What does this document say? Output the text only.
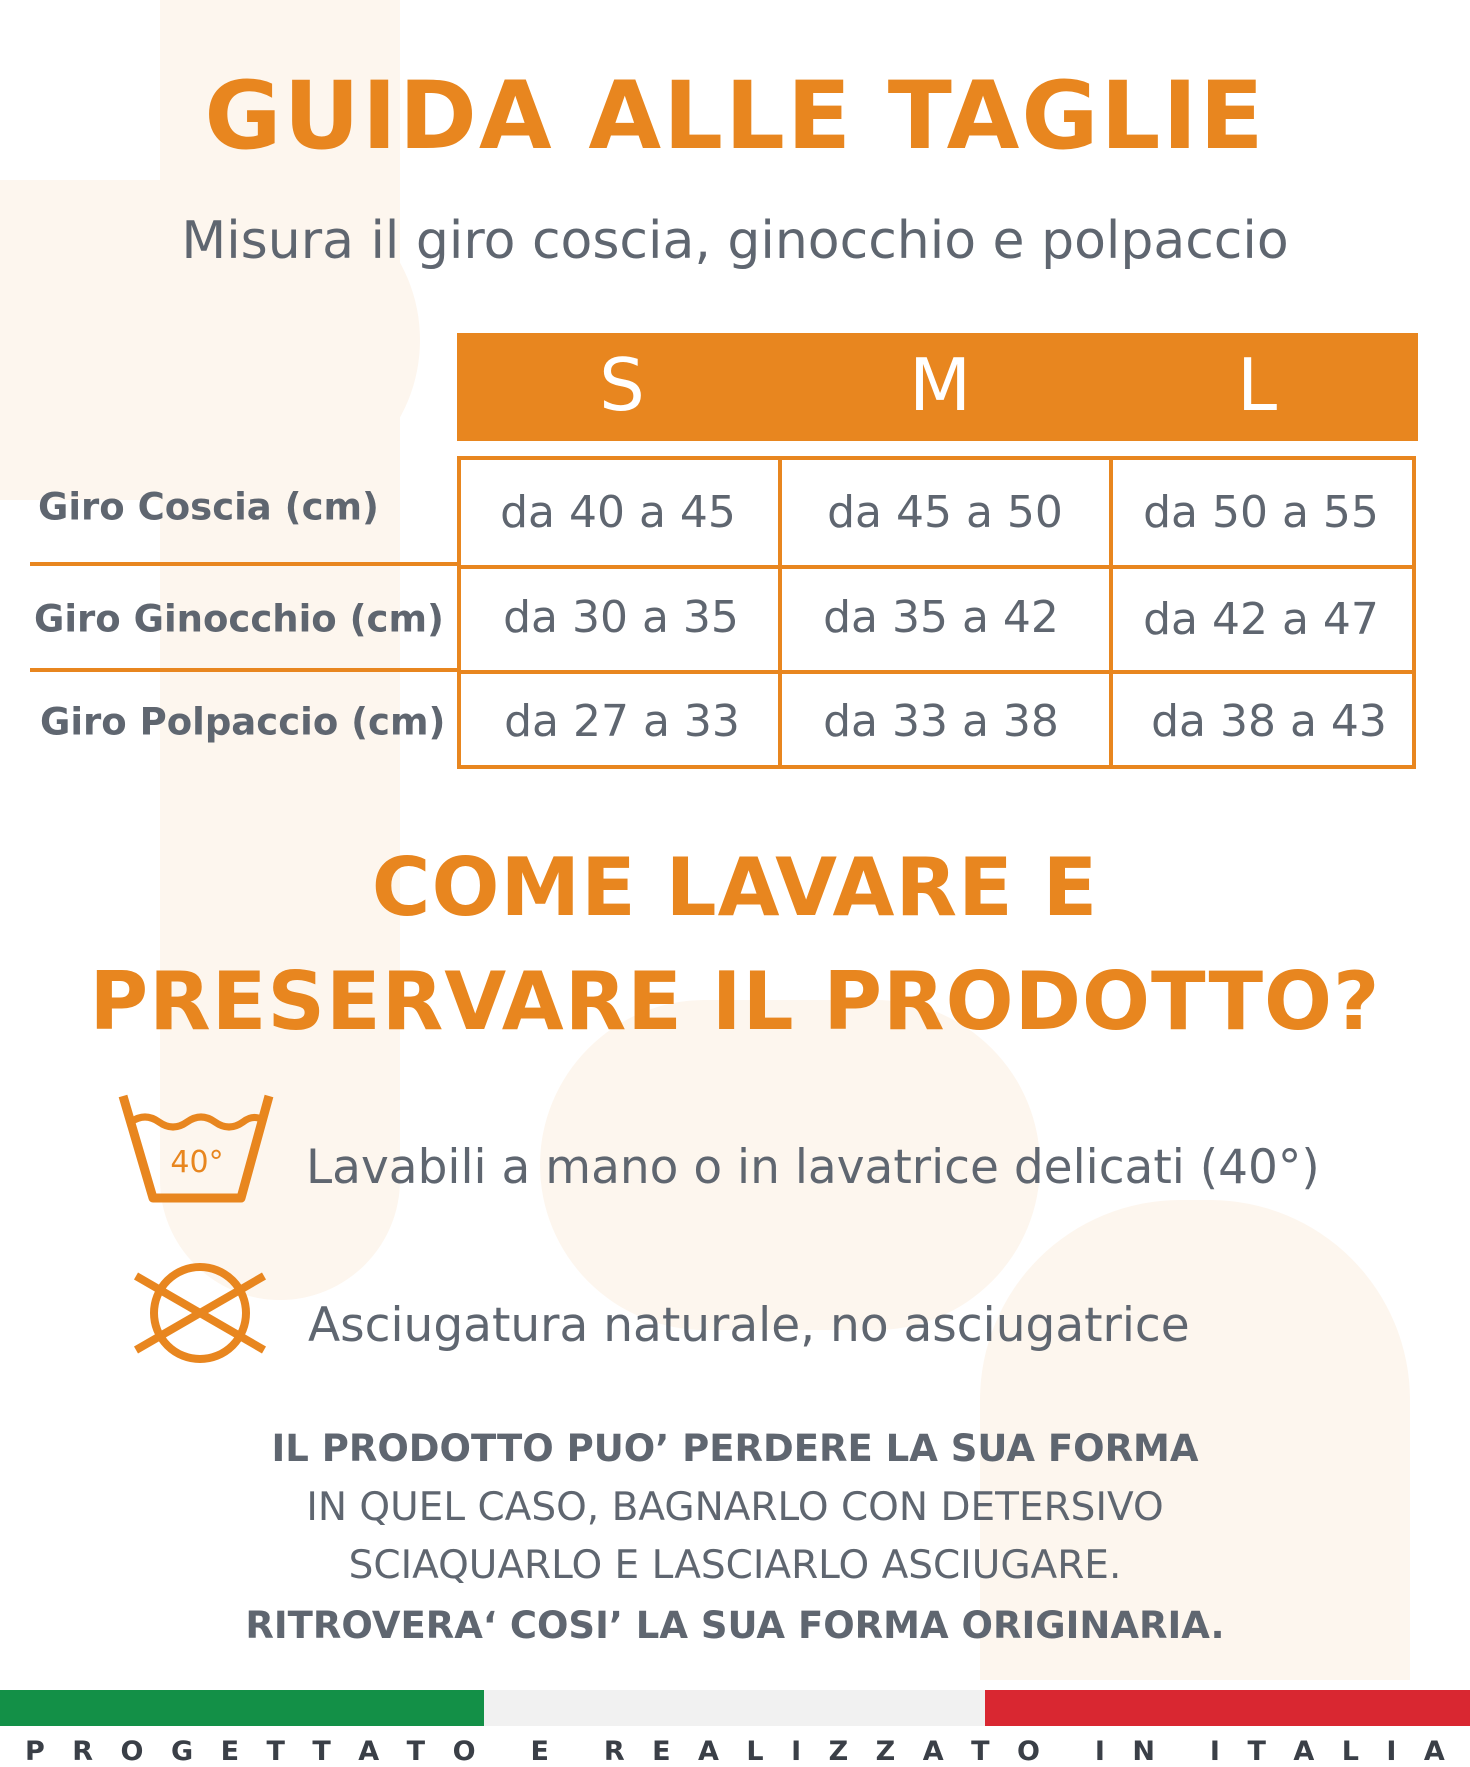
GUIDA ALLE TAGLIE
Misura il giro coscia, ginocchio e polpaccio
S	M	L
Giro Coscia (cm)
Giro Ginocchio (cm)
Giro Polpaccio (cm)
da 40 a 45 da 45 a 50 da 50 a 55
da 30 a 35 da 35 a 42 da 42 a 47
da 27 a 33 da 33 a 38 da 38 a 43
COME LAVARE E
PRESERVARE IL PRODOTTO?
40° Lavabili a mano o in lavatrice delicati (40°)
Asciugatura naturale, no asciugatrice
IL PRODOTTO PUO’ PERDERE LA SUA FORMA
IN QUEL CASO, BAGNARLO CON DETERSIVO
SCIAQUARLO E LASCIARLO ASCIUGARE.
RITROVERA‘ COSI’ LA SUA FORMA ORIGINARIA.
P R O G E T T A T O E R E A L I Z Z A T O I N I T A L I A
